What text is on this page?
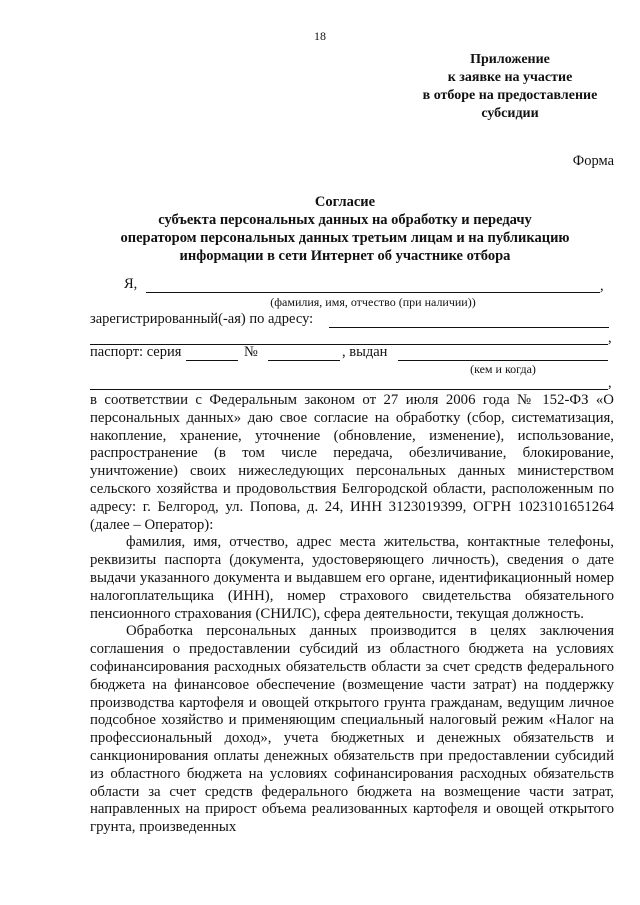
18
Приложение
к заявке на участие
в отборе на предоставление
субсидии
Форма
Согласие
субъекта персональных данных на обработку и передачу
оператором персональных данных третьим лицам и на публикацию
информации в сети Интернет об участнике отбора
Я,	,
(фамилия, имя, отчество (при наличии))
зарегистрированный(-ая) по адресу:
,
паспорт: серия	№	, выдан
(кем и когда)
,

в соответствии с Федеральным законом от 27 июля 2006 года № 152-ФЗ «О персональных данных» даю свое согласие на обработку (сбор, систематизация, накопление, хранение, уточнение (обновление, изменение), использование, распространение (в том числе передача, обезличивание, блокирование, уничтожение) своих нижеследующих персональных данных министерством сельского хозяйства и продовольствия Белгородской области, расположенным по адресу: г. Белгород, ул. Попова, д. 24, ИНН 3123019399, ОГРН 1023101651264 (далее – Оператор):

фамилия, имя, отчество, адрес места жительства, контактные телефоны, реквизиты паспорта (документа, удостоверяющего личность), сведения о дате выдачи указанного документа и выдавшем его органе, идентификационный номер налогоплательщика (ИНН), номер страхового свидетельства обязательного пенсионного страхования (СНИЛС), сфера деятельности, текущая должность.

Обработка персональных данных производится в целях заключения соглашения о предоставлении субсидий из областного бюджета на условиях софинансирования расходных обязательств области за счет средств федерального бюджета на финансовое обеспечение (возмещение части затрат) на поддержку производства картофеля и овощей открытого грунта гражданам, ведущим личное подсобное хозяйство и применяющим специальный налоговый режим «Налог на профессиональный доход», учета бюджетных и денежных обязательств и санкционирования оплаты денежных обязательств при предоставлении субсидий из областного бюджета на условиях софинансирования расходных обязательств области за счет средств федерального бюджета на возмещение части затрат, направленных на прирост объема реализованных картофеля и овощей открытого грунта, произведенных
